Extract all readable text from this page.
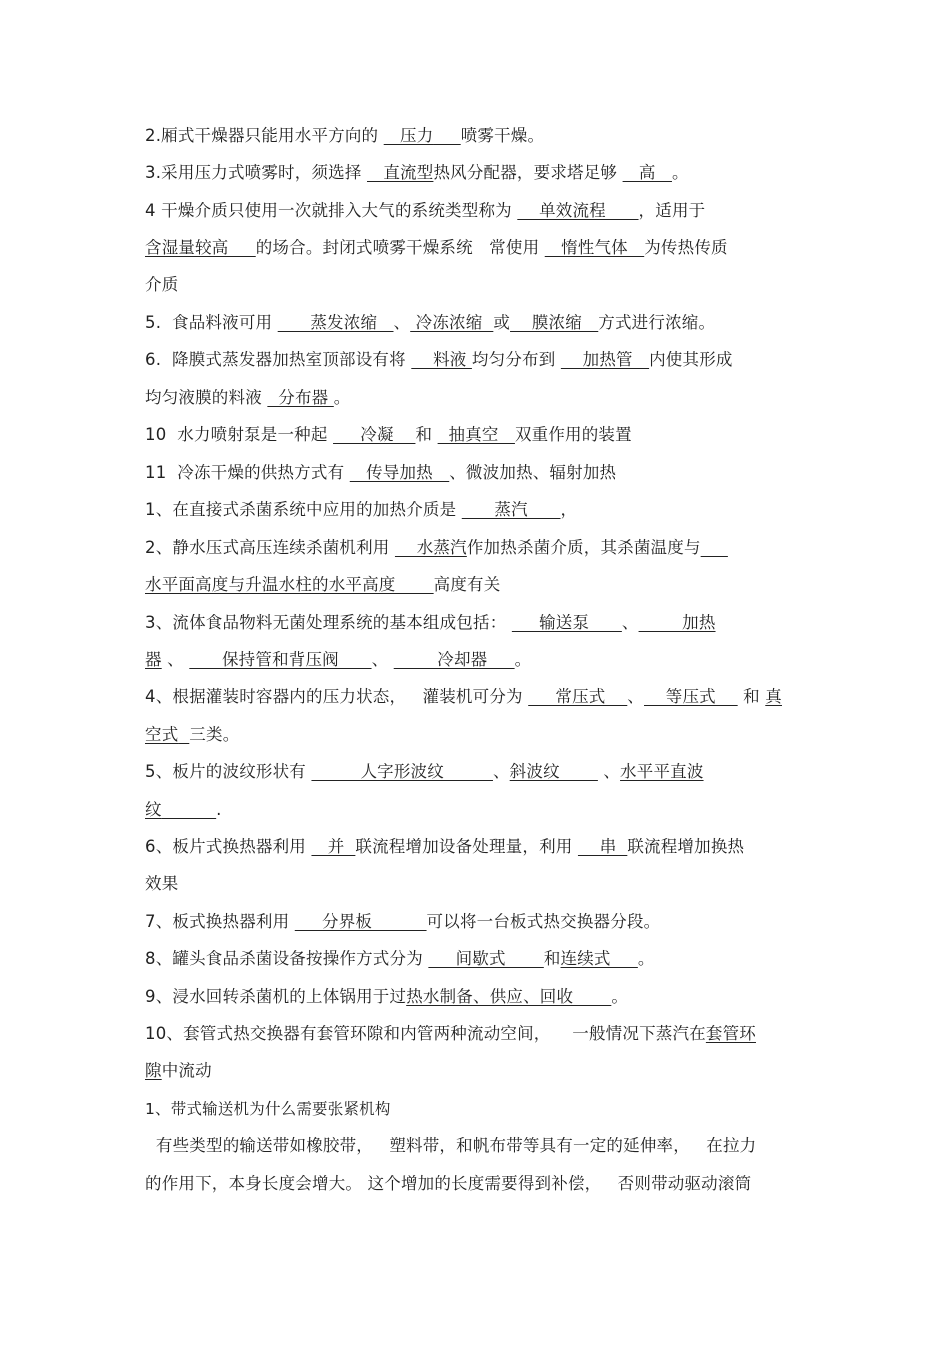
2.厢式干燥器只能用水平方向的    压力 喷雾干燥。
3.采用压力式喷雾时，须选择    直流型热风分配器，要求塔足够    高   。
4 干燥介质只使用一次就排入大气的系统类型称为     单效流程      ，适用于
含湿量较高 的场合。封闭式喷雾干燥系统   常使用    惰性气体   为传热传质
介质
5.  食品料液可用       蒸发浓缩   、 冷冻浓缩  或    膜浓缩   方式进行浓缩。
6.  降膜式蒸发器加热室顶部设有将     料液 均匀分布到     加热管   内使其形成
均匀液膜的料液   分布器 。
10  水力喷射泵是一种起      冷凝    和   抽真空   双重作用的装置
11  冷冻干燥的供热方式有    传导加热   、微波加热、辐射加热
1、在直接式杀菌系统中应用的加热介质是       蒸汽      ，
2、静水压式高压连续杀菌机利用     水蒸汽作加热杀菌介质，其杀菌温度与
水平面高度与升温水柱的水平高度 高度有关
3、流体食品物料无菌处理系统的基本组成包括：      输送泵      、        加热
器 、       保持管和背压阀      、         冷却器     。
4、根据灌装时容器内的压力状态，   灌装机可分为      常压式    、    等压式     和 真
空式 三类。
5、板片的波纹形状有          人字形波纹         、斜波纹        、水平平直波
纹	.
6、板片式换热器利用    并  联流程增加设备处理量，利用     串  联流程增加换热
效果
7、板式换热器利用      分界板          可以将一台板式热交换器分段。
8、罐头食品杀菌设备按操作方式分为      间歇式       和连续式     。
9、浸水回转杀菌机的上体锅用于过热水制备、供应、回收       。
10、套管式热交换器有套管环隙和内管两种流动空间，    一般情况下蒸汽在套管环
隙中流动
1、带式输送机为什么需要张紧机构
有些类型的输送带如橡胶带，   塑料带，和帆布带等具有一定的延伸率，   在拉力
的作用下，本身长度会增大。 这个增加的长度需要得到补偿，   否则带动驱动滚筒
